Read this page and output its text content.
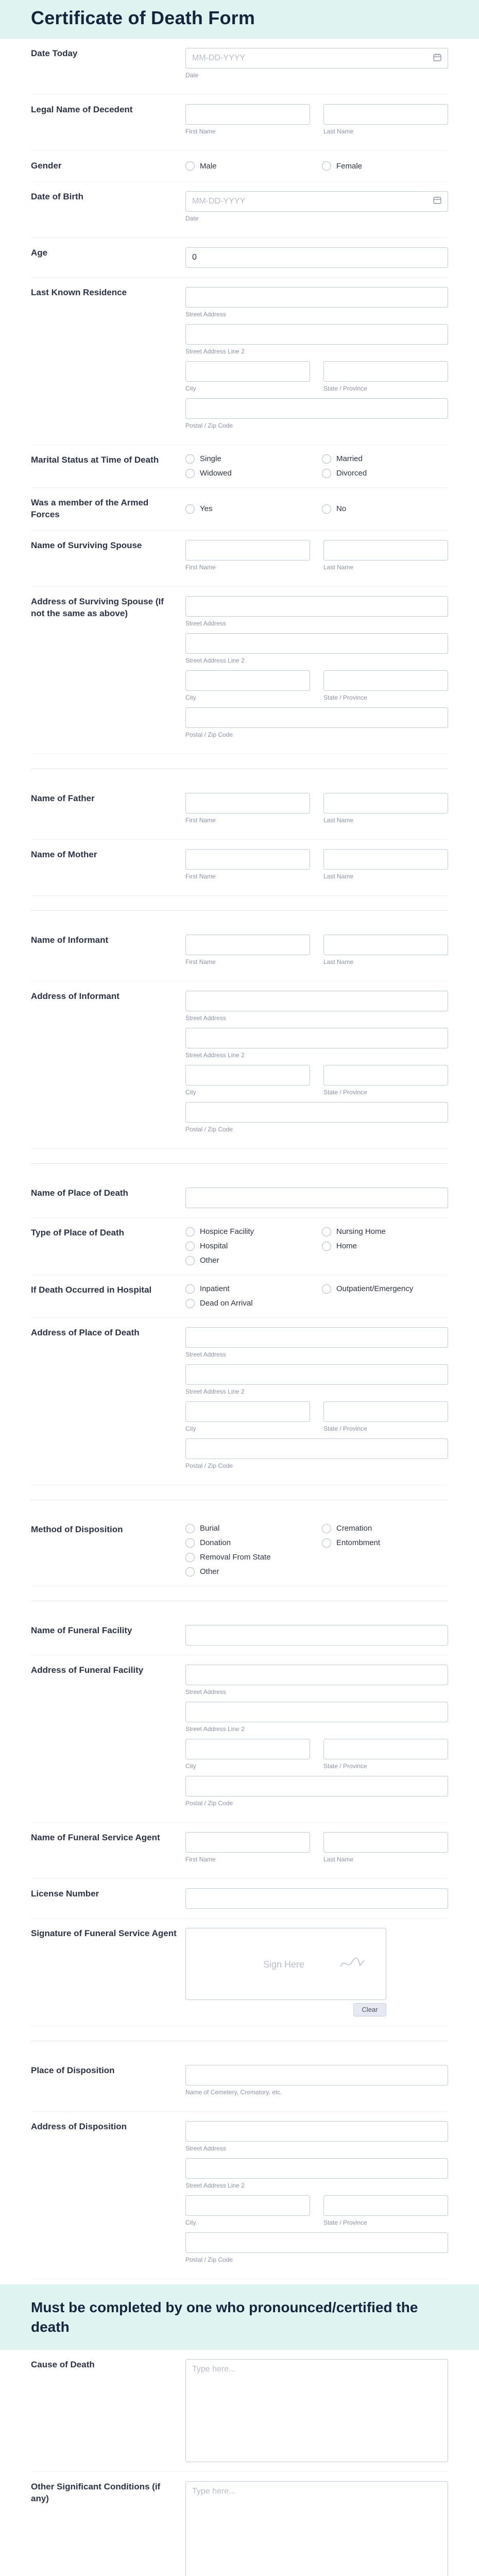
Certificate of Death Form
Date Today	MM-DD-YYYY
Date
Legal Name of Decedent
First Name	Last Name
Gender	Male	Female
Date of Birth	MM-DD-YYYY
Date
Age	0
Last Known Residence
Street Address
Street Address Line 2
City	State / Province
Postal / Zip Code
Marital Status at Time of Death	Single	Married
Widowed	Divorced
Was a member of the Armed Forces
Yes	No
Name of Surviving Spouse
First Name	Last Name
Address of Surviving Spouse (If not the same as above)
Street Address
Street Address Line 2
City	State / Province
Postal / Zip Code
Name of Father
First Name	Last Name
Name of Mother
First Name	Last Name
Name of Informant
First Name	Last Name
Address of Informant
Street Address
Street Address Line 2
City	State / Province
Postal / Zip Code
Name of Place of Death
Type of Place of Death	Hospice Facility	Nursing Home
Hospital	Home
Other
If Death Occurred in Hospital	Inpatient	Outpatient/Emergency
Dead on Arrival
Address of Place of Death
Street Address
Street Address Line 2
City	State / Province
Postal / Zip Code
Method of Disposition	Burial	Cremation
Donation	Entombment
Removal From State
Other
Name of Funeral Facility
Address of Funeral Facility
Street Address
Street Address Line 2
City	State / Province
Postal / Zip Code
Name of Funeral Service Agent
First Name	Last Name
License Number
Signature of Funeral Service Agent
Sign Here
Clear
Place of Disposition
Name of Cemetery, Crematory, etc.
Address of Disposition
Street Address
Street Address Line 2
City	State / Province
Postal / Zip Code
Must be completed by one who pronounced/certified the death
Cause of Death	Type here...
Other Significant Conditions (if any)
Type here...
